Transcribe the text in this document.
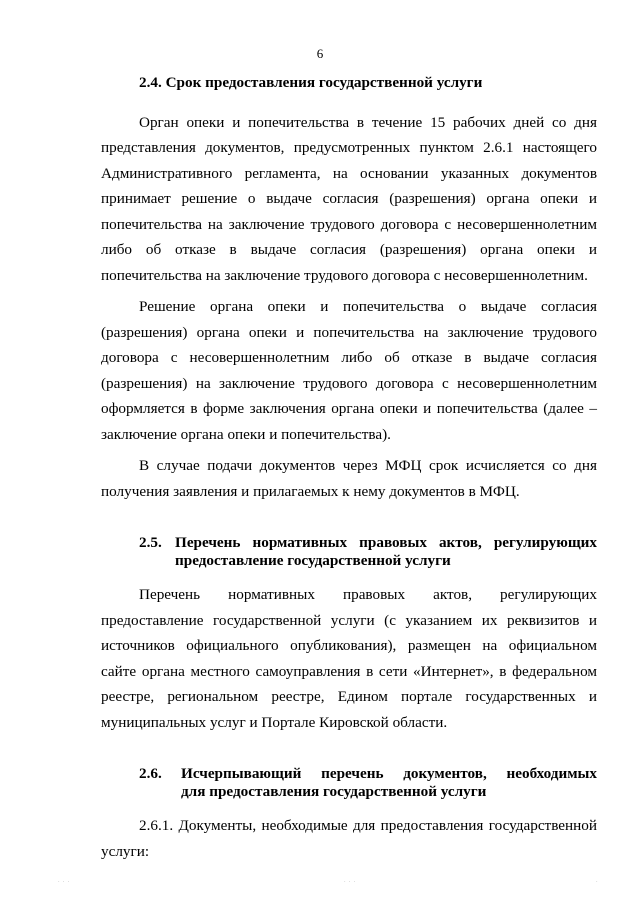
6

2.4. Срок предоставления государственной услуги

Орган опеки и попечительства в течение 15 рабочих дней со дня представления документов, предусмотренных пунктом 2.6.1 настоящего Административного регламента, на основании указанных документов принимает решение о выдаче согласия (разрешения) органа опеки и попечительства на заключение трудового договора с несовершеннолетним либо об отказе в выдаче согласия (разрешения) органа опеки и попечительства на заключение трудового договора с несовершеннолетним.

Решение органа опеки и попечительства о выдаче согласия (разрешения) органа опеки и попечительства на заключение трудового договора с несовершеннолетним либо об отказе в выдаче согласия (разрешения) на заключение трудового договора с несовершеннолетним оформляется в форме заключения органа опеки и попечительства (далее – заключение органа опеки и попечительства).

В случае подачи документов через МФЦ срок исчисляется со дня получения заявления и прилагаемых к нему документов в МФЦ.

2.5. Перечень нормативных правовых актов, регулирующих
предоставление государственной услуги

Перечень нормативных правовых актов, регулирующих предоставление государственной услуги (с указанием их реквизитов и источников официального опубликования), размещен на официальном сайте органа местного самоуправления в сети «Интернет», в федеральном реестре, региональном реестре, Едином портале государственных и муниципальных услуг и Портале Кировской области.

2.6.	Исчерпывающий перечень документов, необходимых
для предоставления государственной услуги

2.6.1. Документы, необходимые для предоставления государственной услуги:

· · ·	· · ·	·
